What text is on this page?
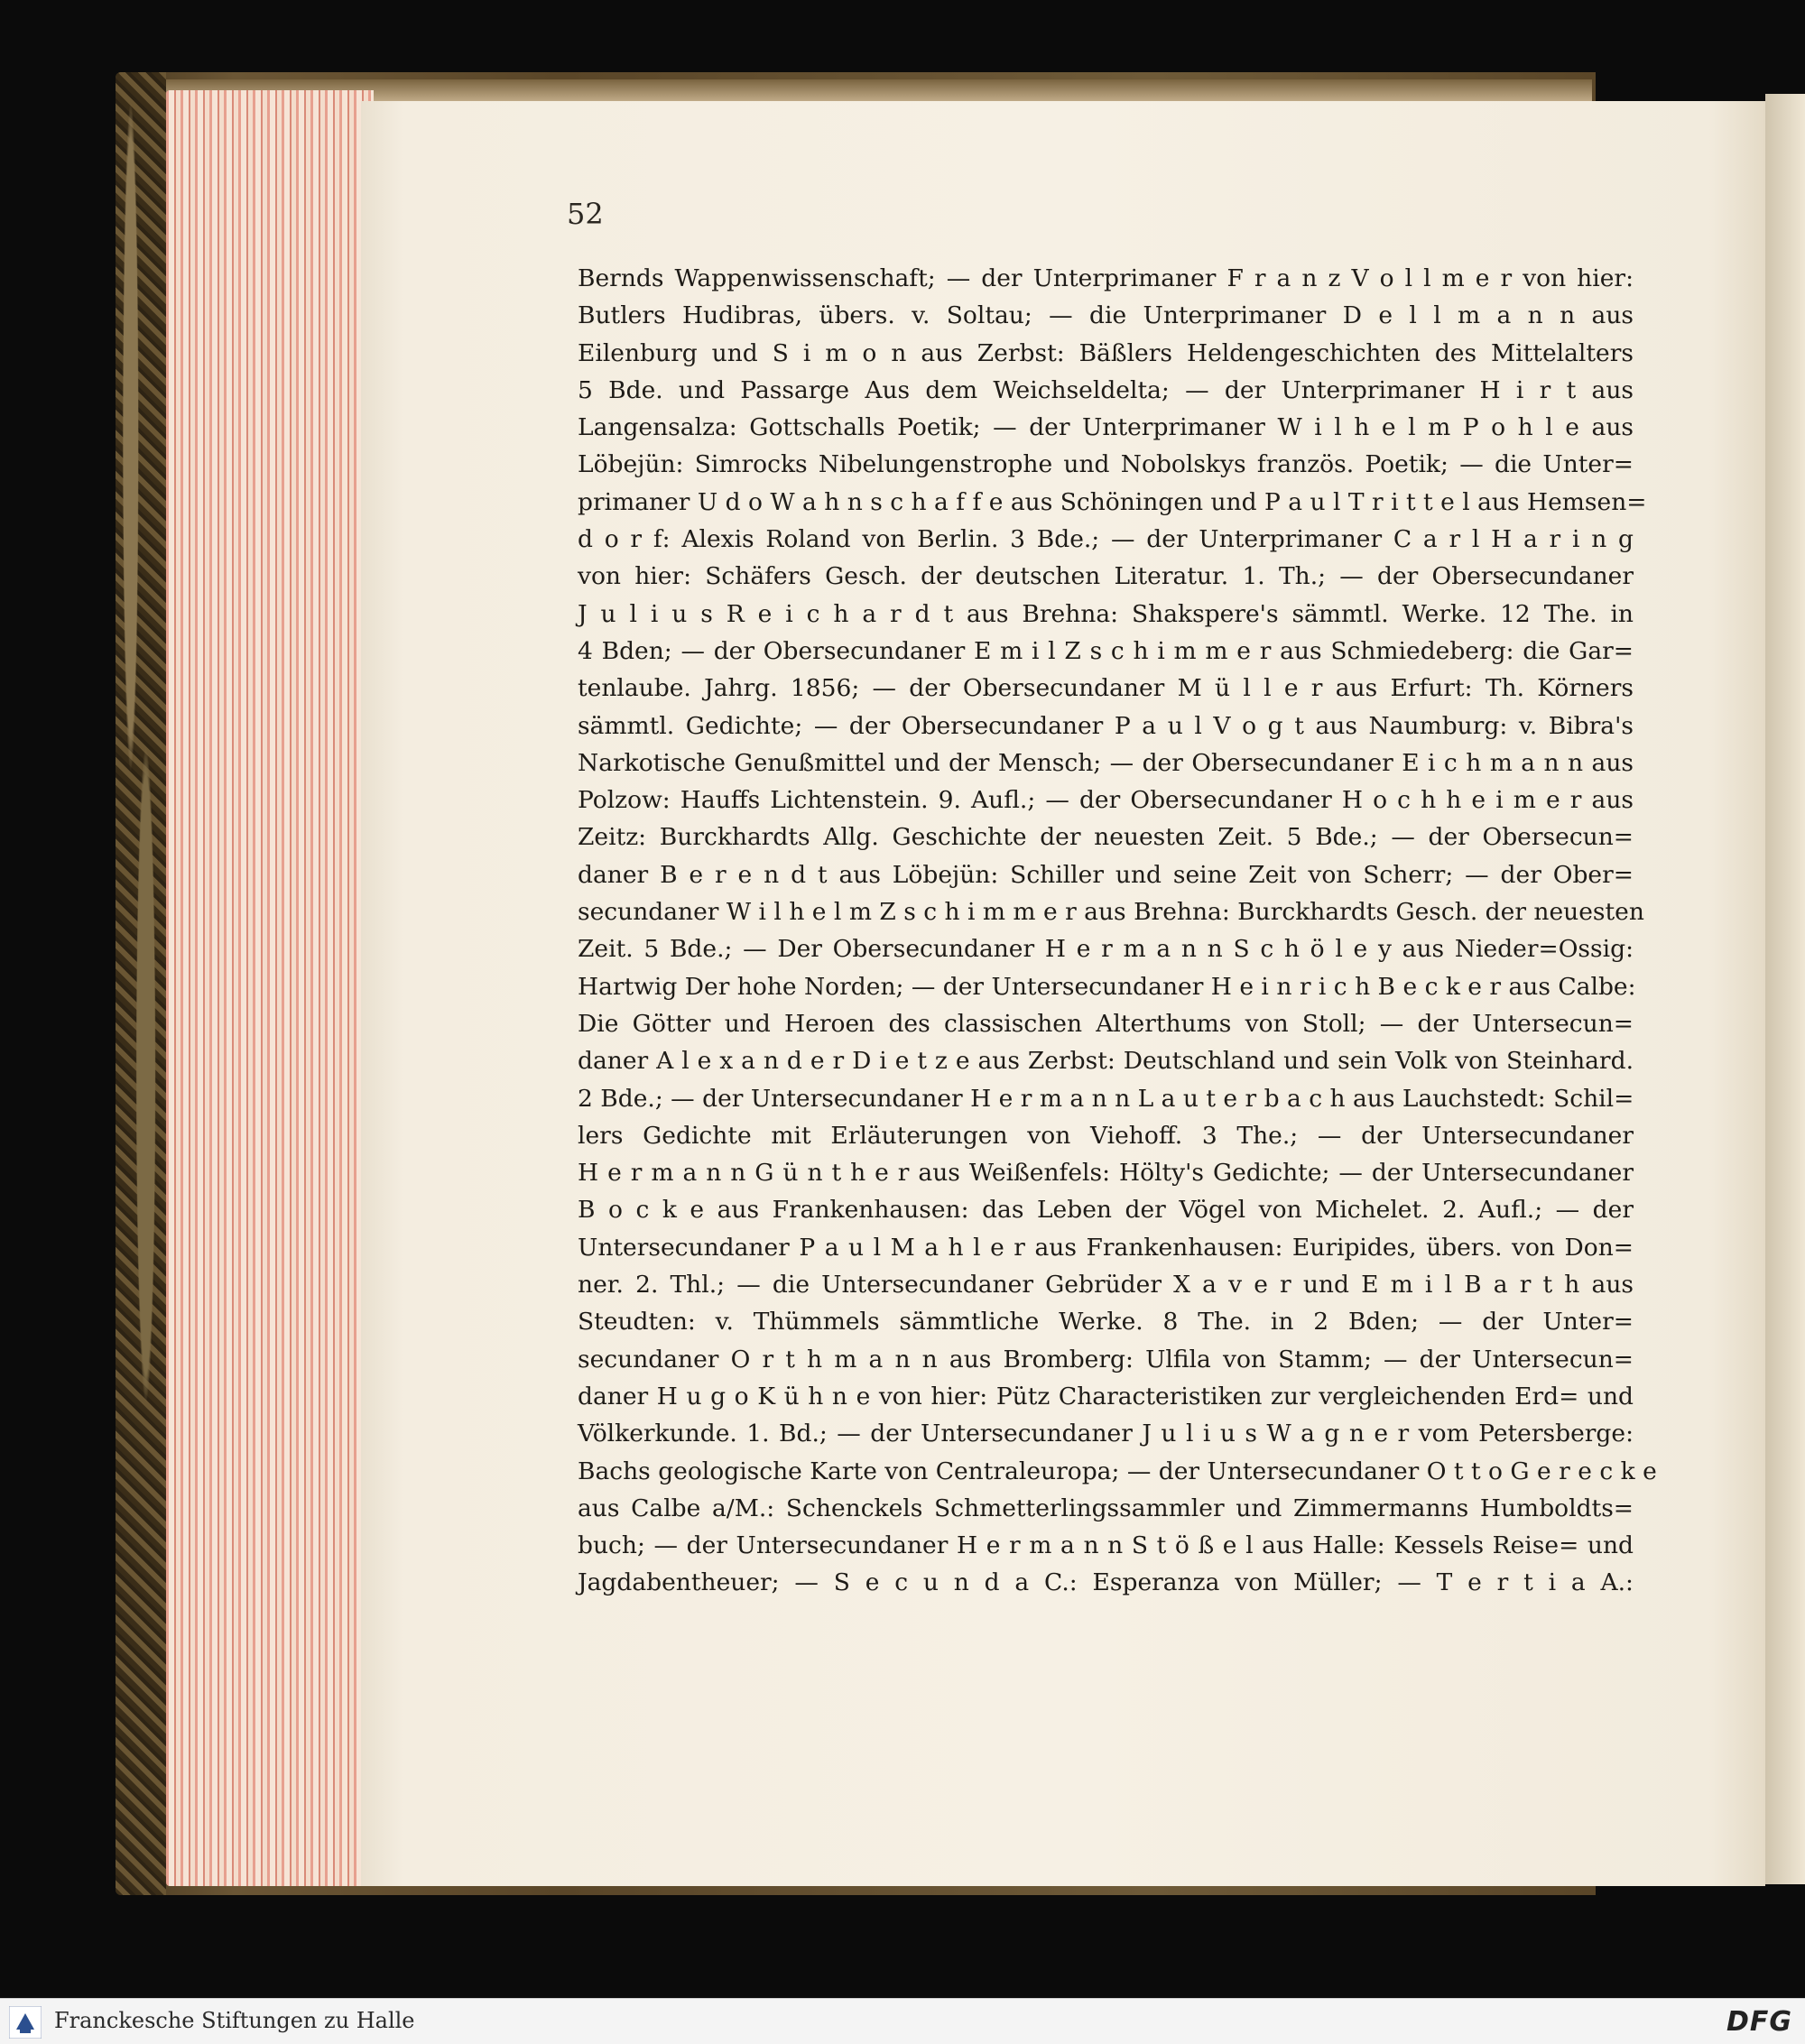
52
Bernds Wappenwissenschaft; — der Unterprimaner F r a n z V o l l m e r von hier:
Butlers Hudibras, übers. v. Soltau; — die Unterprimaner D e l l m a n n aus
Eilenburg und S i m o n aus Zerbst: Bäßlers Heldengeschichten des Mittelalters
5 Bde. und Passarge Aus dem Weichseldelta; — der Unterprimaner H i r t aus
Langensalza: Gottschalls Poetik; — der Unterprimaner W i l h e l m P o h l e aus
Löbejün: Simrocks Nibelungenstrophe und Nobolskys französ. Poetik; — die Unter=
primaner U d o W a h n s c h a f f e aus Schöningen und P a u l T r i t t e l aus Hemsen=
d o r f: Alexis Roland von Berlin. 3 Bde.; — der Unterprimaner C a r l H a r i n g
von hier: Schäfers Gesch. der deutschen Literatur. 1. Th.; — der Obersecundaner
J u l i u s R e i c h a r d t aus Brehna: Shakspere's sämmtl. Werke. 12 The. in
4 Bden; — der Obersecundaner E m i l Z s c h i m m e r aus Schmiedeberg: die Gar=
tenlaube. Jahrg. 1856; — der Obersecundaner M ü l l e r aus Erfurt: Th. Körners
sämmtl. Gedichte; — der Obersecundaner P a u l V o g t aus Naumburg: v. Bibra's
Narkotische Genußmittel und der Mensch; — der Obersecundaner E i c h m a n n aus
Polzow: Hauffs Lichtenstein. 9. Aufl.; — der Obersecundaner H o c h h e i m e r aus
Zeitz: Burckhardts Allg. Geschichte der neuesten Zeit. 5 Bde.; — der Obersecun=
daner B e r e n d t aus Löbejün: Schiller und seine Zeit von Scherr; — der Ober=
secundaner W i l h e l m Z s c h i m m e r aus Brehna: Burckhardts Gesch. der neuesten
Zeit. 5 Bde.; — Der Obersecundaner H e r m a n n S c h ö l e y aus Nieder=Ossig:
Hartwig Der hohe Norden; — der Untersecundaner H e i n r i c h B e c k e r aus Calbe:
Die Götter und Heroen des classischen Alterthums von Stoll; — der Untersecun=
daner A l e x a n d e r D i e t z e aus Zerbst: Deutschland und sein Volk von Steinhard.
2 Bde.; — der Untersecundaner H e r m a n n L a u t e r b a c h aus Lauchstedt: Schil=
lers Gedichte mit Erläuterungen von Viehoff. 3 The.; — der Untersecundaner
H e r m a n n G ü n t h e r aus Weißenfels: Hölty's Gedichte; — der Untersecundaner
B o c k e aus Frankenhausen: das Leben der Vögel von Michelet. 2. Aufl.; — der
Untersecundaner P a u l M a h l e r aus Frankenhausen: Euripides, übers. von Don=
ner. 2. Thl.; — die Untersecundaner Gebrüder X a v e r und E m i l B a r t h aus
Steudten: v. Thümmels sämmtliche Werke. 8 The. in 2 Bden; — der Unter=
secundaner O r t h m a n n aus Bromberg: Ulfila von Stamm; — der Untersecun=
daner H u g o K ü h n e von hier: Pütz Characteristiken zur vergleichenden Erd= und
Völkerkunde. 1. Bd.; — der Untersecundaner J u l i u s W a g n e r vom Petersberge:
Bachs geologische Karte von Centraleuropa; — der Untersecundaner O t t o G e r e c k e
aus Calbe a/M.: Schenckels Schmetterlingssammler und Zimmermanns Humboldts=
buch; — der Untersecundaner H e r m a n n S t ö ß e l aus Halle: Kessels Reise= und
Jagdabentheuer; — S e c u n d a C.: Esperanza von Müller; — T e r t i a A.:
Franckesche Stiftungen zu Halle	DFG
